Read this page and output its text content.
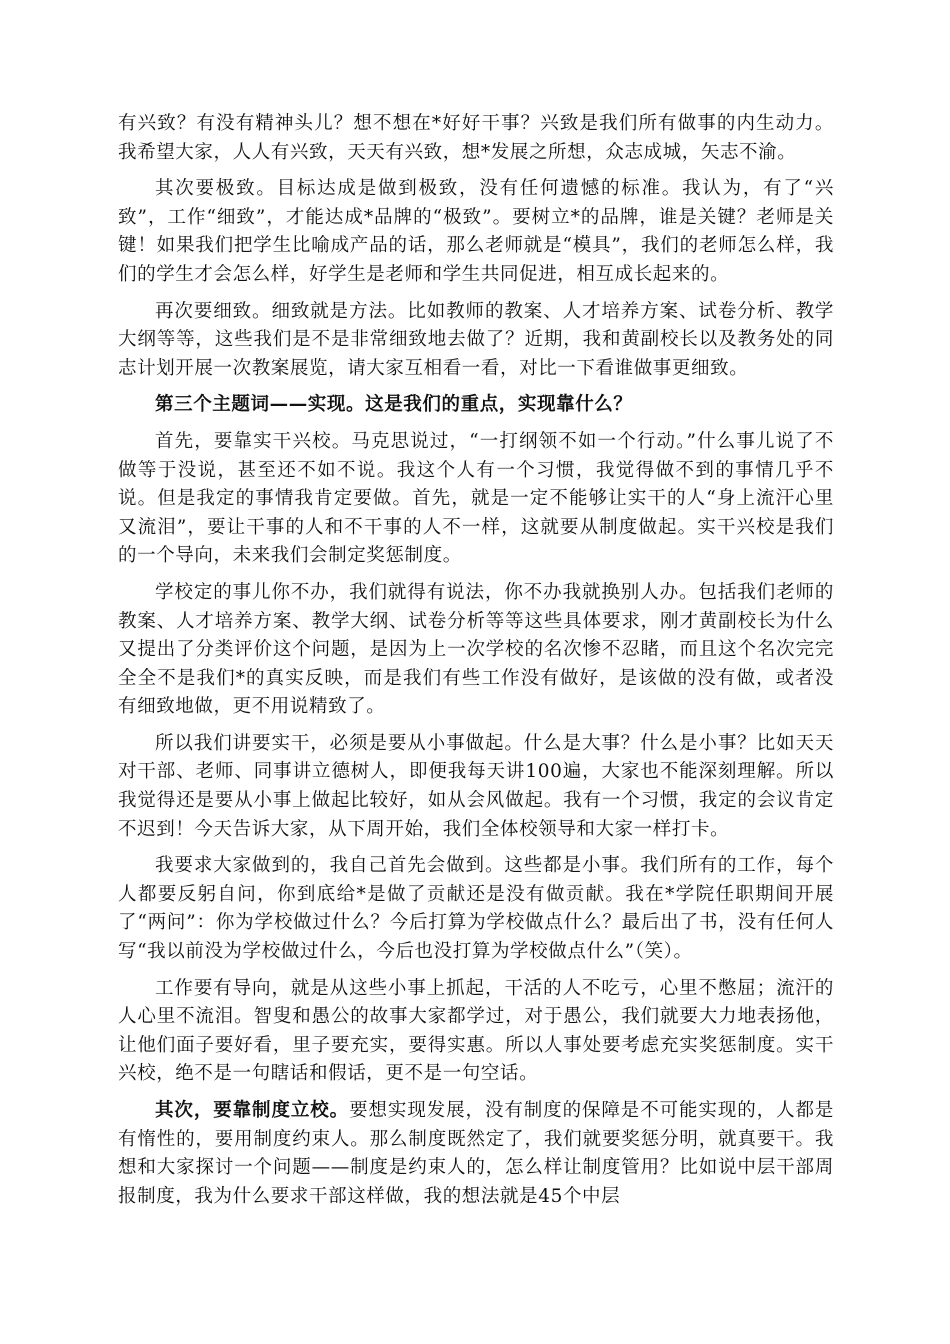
有兴致？有没有精神头儿？想不想在*好好干事？兴致是我们所有做事的内生动力。我希望大家，人人有兴致，天天有兴致，想*发展之所想，众志成城，矢志不渝。

其次要极致。目标达成是做到极致，没有任何遗憾的标准。我认为，有了“兴致”，工作“细致”，才能达成*品牌的“极致”。要树立*的品牌，谁是关键？老师是关键！如果我们把学生比喻成产品的话，那么老师就是“模具”，我们的老师怎么样，我们的学生才会怎么样，好学生是老师和学生共同促进，相互成长起来的。

再次要细致。细致就是方法。比如教师的教案、人才培养方案、试卷分析、教学大纲等等，这些我们是不是非常细致地去做了？近期，我和黄副校长以及教务处的同志计划开展一次教案展览，请大家互相看一看，对比一下看谁做事更细致。

第三个主题词——实现。这是我们的重点，实现靠什么？

首先，要靠实干兴校。马克思说过，“一打纲领不如一个行动。”什么事儿说了不做等于没说，甚至还不如不说。我这个人有一个习惯，我觉得做不到的事情几乎不说。但是我定的事情我肯定要做。首先，就是一定不能够让实干的人“身上流汗心里又流泪”，要让干事的人和不干事的人不一样，这就要从制度做起。实干兴校是我们的一个导向，未来我们会制定奖惩制度。

学校定的事儿你不办，我们就得有说法，你不办我就换别人办。包括我们老师的教案、人才培养方案、教学大纲、试卷分析等等这些具体要求，刚才黄副校长为什么又提出了分类评价这个问题，是因为上一次学校的名次惨不忍睹，而且这个名次完完全全不是我们*的真实反映，而是我们有些工作没有做好，是该做的没有做，或者没有细致地做，更不用说精致了。

所以我们讲要实干，必须是要从小事做起。什么是大事？什么是小事？比如天天对干部、老师、同事讲立德树人，即便我每天讲100遍，大家也不能深刻理解。所以我觉得还是要从小事上做起比较好，如从会风做起。我有一个习惯，我定的会议肯定不迟到！今天告诉大家，从下周开始，我们全体校领导和大家一样打卡。

我要求大家做到的，我自己首先会做到。这些都是小事。我们所有的工作，每个人都要反躬自问，你到底给*是做了贡献还是没有做贡献。我在*学院任职期间开展了“两问”：你为学校做过什么？今后打算为学校做点什么？最后出了书，没有任何人写“我以前没为学校做过什么，今后也没打算为学校做点什么”（笑）。

工作要有导向，就是从这些小事上抓起，干活的人不吃亏，心里不憋屈；流汗的人心里不流泪。智叟和愚公的故事大家都学过，对于愚公，我们就要大力地表扬他，让他们面子要好看，里子要充实，要得实惠。所以人事处要考虑充实奖惩制度。实干兴校，绝不是一句瞎话和假话，更不是一句空话。

其次，要靠制度立校。要想实现发展，没有制度的保障是不可能实现的，人都是有惰性的，要用制度约束人。那么制度既然定了，我们就要奖惩分明，就真要干。我想和大家探讨一个问题——制度是约束人的，怎么样让制度管用？比如说中层干部周报制度，我为什么要求干部这样做，我的想法就是45个中层
